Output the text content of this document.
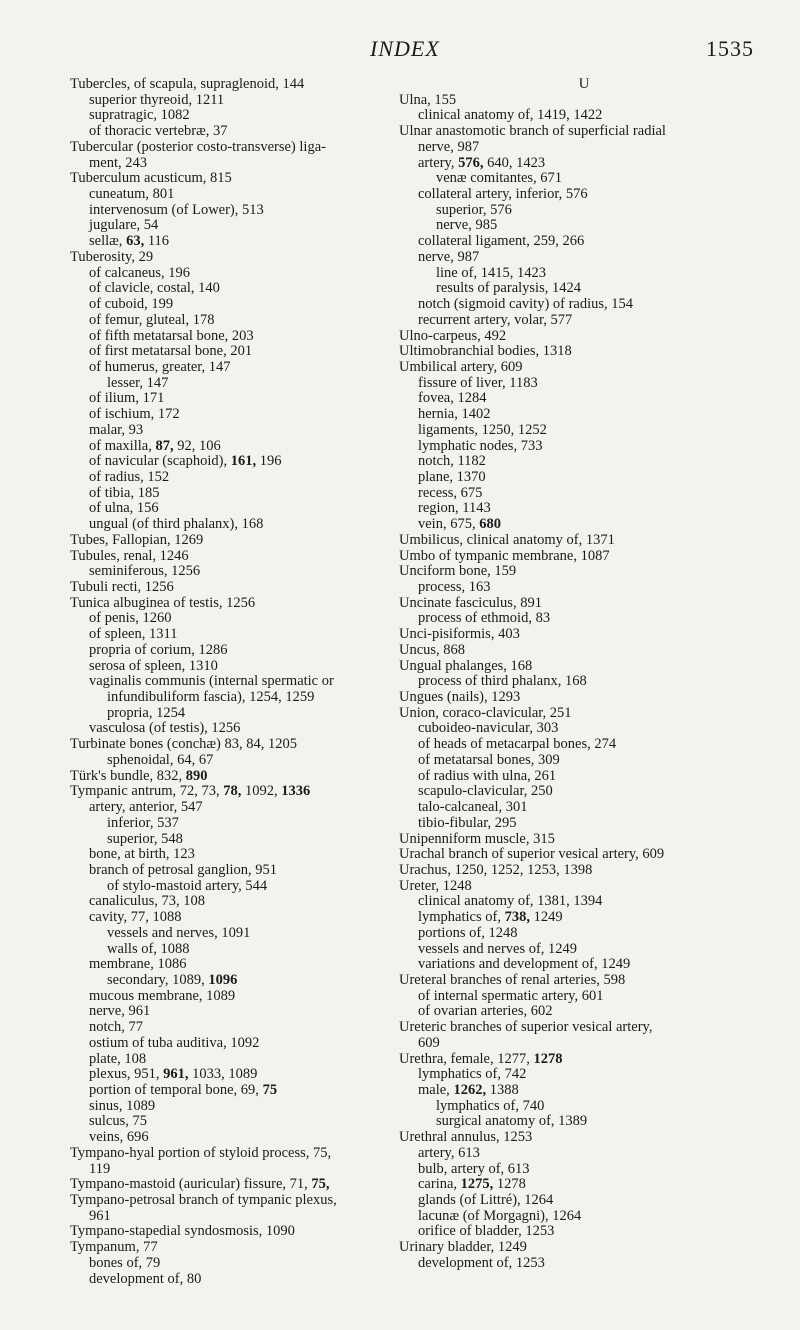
INDEX	1535
Tubercles, of scapula, supraglenoid, 144
superior thyreoid, 1211
supratragic, 1082
of thoracic vertebræ, 37
Tubercular (posterior costo-transverse) liga-
ment, 243
Tuberculum acusticum, 815
cuneatum, 801
intervenosum (of Lower), 513
jugulare, 54
sellæ, 63, 116
Tuberosity, 29
of calcaneus, 196
of clavicle, costal, 140
of cuboid, 199
of femur, gluteal, 178
of fifth metatarsal bone, 203
of first metatarsal bone, 201
of humerus, greater, 147
lesser, 147
of ilium, 171
of ischium, 172
malar, 93
of maxilla, 87, 92, 106
of navicular (scaphoid), 161, 196
of radius, 152
of tibia, 185
of ulna, 156
ungual (of third phalanx), 168
Tubes, Fallopian, 1269
Tubules, renal, 1246
seminiferous, 1256
Tubuli recti, 1256
Tunica albuginea of testis, 1256
of penis, 1260
of spleen, 1311
propria of corium, 1286
serosa of spleen, 1310
vaginalis communis (internal spermatic or
infundibuliform fascia), 1254, 1259
propria, 1254
vasculosa (of testis), 1256
Turbinate bones (conchæ) 83, 84, 1205
sphenoidal, 64, 67
Türk's bundle, 832, 890
Tympanic antrum, 72, 73, 78, 1092, 1336
artery, anterior, 547
inferior, 537
superior, 548
bone, at birth, 123
branch of petrosal ganglion, 951
of stylo-mastoid artery, 544
canaliculus, 73, 108
cavity, 77, 1088
vessels and nerves, 1091
walls of, 1088
membrane, 1086
secondary, 1089, 1096
mucous membrane, 1089
nerve, 961
notch, 77
ostium of tuba auditiva, 1092
plate, 108
plexus, 951, 961, 1033, 1089
portion of temporal bone, 69, 75
sinus, 1089
sulcus, 75
veins, 696
Tympano-hyal portion of styloid process, 75,
119
Tympano-mastoid (auricular) fissure, 71, 75,
Tympano-petrosal branch of tympanic plexus,
961
Tympano-stapedial syndosmosis, 1090
Tympanum, 77
bones of, 79
development of, 80
U
Ulna, 155
clinical anatomy of, 1419, 1422
Ulnar anastomotic branch of superficial radial
nerve, 987
artery, 576, 640, 1423
venæ comitantes, 671
collateral artery, inferior, 576
superior, 576
nerve, 985
collateral ligament, 259, 266
nerve, 987
line of, 1415, 1423
results of paralysis, 1424
notch (sigmoid cavity) of radius, 154
recurrent artery, volar, 577
Ulno-carpeus, 492
Ultimobranchial bodies, 1318
Umbilical artery, 609
fissure of liver, 1183
fovea, 1284
hernia, 1402
ligaments, 1250, 1252
lymphatic nodes, 733
notch, 1182
plane, 1370
recess, 675
region, 1143
vein, 675, 680
Umbilicus, clinical anatomy of, 1371
Umbo of tympanic membrane, 1087
Unciform bone, 159
process, 163
Uncinate fasciculus, 891
process of ethmoid, 83
Unci-pisiformis, 403
Uncus, 868
Ungual phalanges, 168
process of third phalanx, 168
Ungues (nails), 1293
Union, coraco-clavicular, 251
cuboideo-navicular, 303
of heads of metacarpal bones, 274
of metatarsal bones, 309
of radius with ulna, 261
scapulo-clavicular, 250
talo-calcaneal, 301
tibio-fibular, 295
Unipenniform muscle, 315
Urachal branch of superior vesical artery, 609
Urachus, 1250, 1252, 1253, 1398
Ureter, 1248
clinical anatomy of, 1381, 1394
lymphatics of, 738, 1249
portions of, 1248
vessels and nerves of, 1249
variations and development of, 1249
Ureteral branches of renal arteries, 598
of internal spermatic artery, 601
of ovarian arteries, 602
Ureteric branches of superior vesical artery,
609
Urethra, female, 1277, 1278
lymphatics of, 742
male, 1262, 1388
lymphatics of, 740
surgical anatomy of, 1389
Urethral annulus, 1253
artery, 613
bulb, artery of, 613
carina, 1275, 1278
glands (of Littré), 1264
lacunæ (of Morgagni), 1264
orifice of bladder, 1253
Urinary bladder, 1249
development of, 1253
